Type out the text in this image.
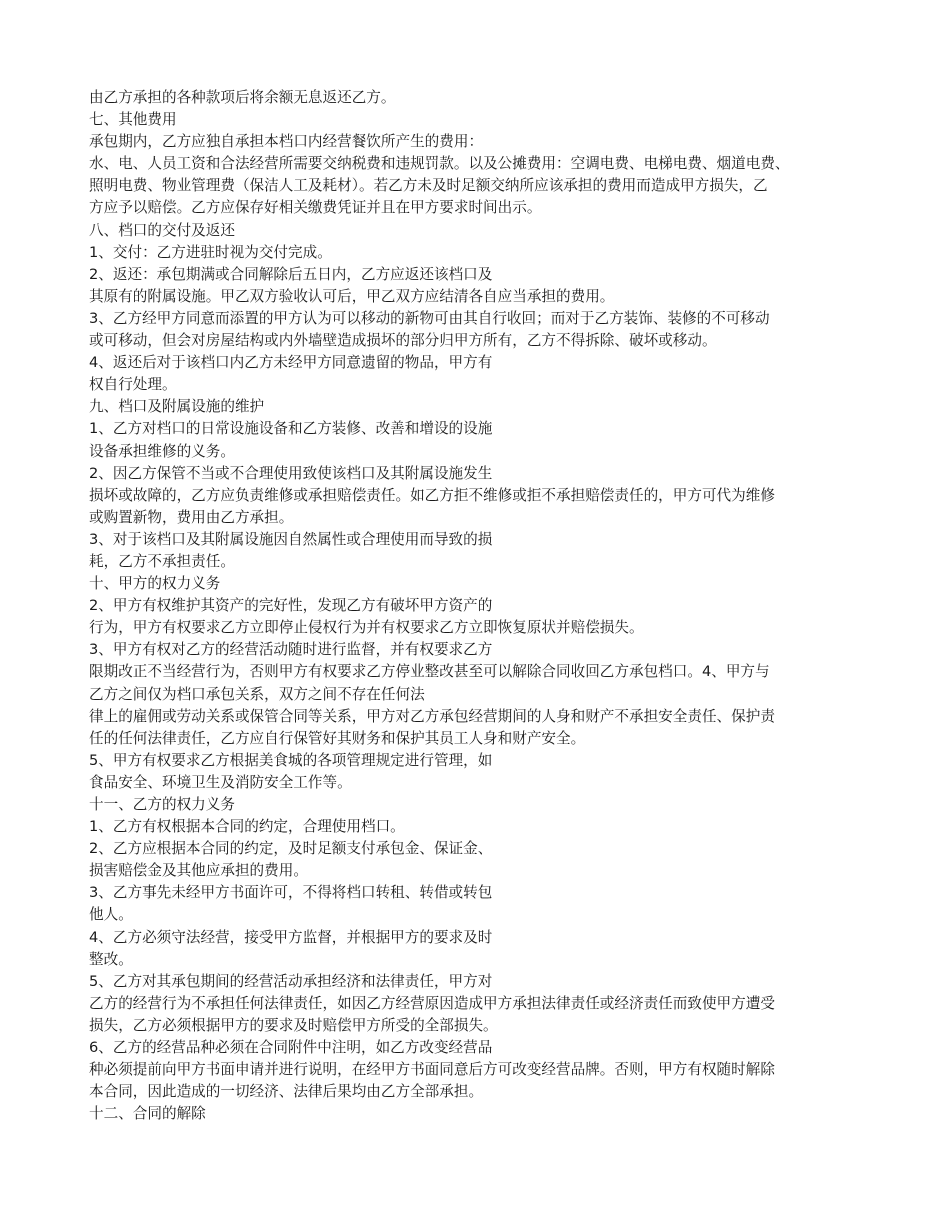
由乙方承担的各种款项后将余额无息返还乙方。
七、其他费用
承包期内，乙方应独自承担本档口内经营餐饮所产生的费用：
水、电、人员工资和合法经营所需要交纳税费和违规罚款。以及公摊费用：空调电费、电梯电费、烟道电费、
照明电费、物业管理费（保洁人工及耗材）。若乙方未及时足额交纳所应该承担的费用而造成甲方损失，乙
方应予以赔偿。乙方应保存好相关缴费凭证并且在甲方要求时间出示。
八、档口的交付及返还
1、交付：乙方进驻时视为交付完成。
2、返还：承包期满或合同解除后五日内，乙方应返还该档口及
其原有的附属设施。甲乙双方验收认可后，甲乙双方应结清各自应当承担的费用。
3、乙方经甲方同意而添置的甲方认为可以移动的新物可由其自行收回；而对于乙方装饰、装修的不可移动
或可移动，但会对房屋结构或内外墙壁造成损坏的部分归甲方所有，乙方不得拆除、破坏或移动。
4、返还后对于该档口内乙方未经甲方同意遗留的物品，甲方有
权自行处理。
九、档口及附属设施的维护
1、乙方对档口的日常设施设备和乙方装修、改善和增设的设施
设备承担维修的义务。
2、因乙方保管不当或不合理使用致使该档口及其附属设施发生
损坏或故障的，乙方应负责维修或承担赔偿责任。如乙方拒不维修或拒不承担赔偿责任的，甲方可代为维修
或购置新物，费用由乙方承担。
3、对于该档口及其附属设施因自然属性或合理使用而导致的损
耗，乙方不承担责任。
十、甲方的权力义务
2、甲方有权维护其资产的完好性，发现乙方有破坏甲方资产的
行为，甲方有权要求乙方立即停止侵权行为并有权要求乙方立即恢复原状并赔偿损失。
3、甲方有权对乙方的经营活动随时进行监督，并有权要求乙方
限期改正不当经营行为，否则甲方有权要求乙方停业整改甚至可以解除合同收回乙方承包档口。4、甲方与
乙方之间仅为档口承包关系，双方之间不存在任何法
律上的雇佣或劳动关系或保管合同等关系，甲方对乙方承包经营期间的人身和财产不承担安全责任、保护责
任的任何法律责任，乙方应自行保管好其财务和保护其员工人身和财产安全。
5、甲方有权要求乙方根据美食城的各项管理规定进行管理，如
食品安全、环境卫生及消防安全工作等。
十一、乙方的权力义务
1、乙方有权根据本合同的约定，合理使用档口。
2、乙方应根据本合同的约定，及时足额支付承包金、保证金、
损害赔偿金及其他应承担的费用。
3、乙方事先未经甲方书面许可，不得将档口转租、转借或转包
他人。
4、乙方必须守法经营，接受甲方监督，并根据甲方的要求及时
整改。
5、乙方对其承包期间的经营活动承担经济和法律责任，甲方对
乙方的经营行为不承担任何法律责任，如因乙方经营原因造成甲方承担法律责任或经济责任而致使甲方遭受
损失，乙方必须根据甲方的要求及时赔偿甲方所受的全部损失。
6、乙方的经营品种必须在合同附件中注明，如乙方改变经营品
种必须提前向甲方书面申请并进行说明，在经甲方书面同意后方可改变经营品牌。否则，甲方有权随时解除
本合同，因此造成的一切经济、法律后果均由乙方全部承担。
十二、合同的解除
